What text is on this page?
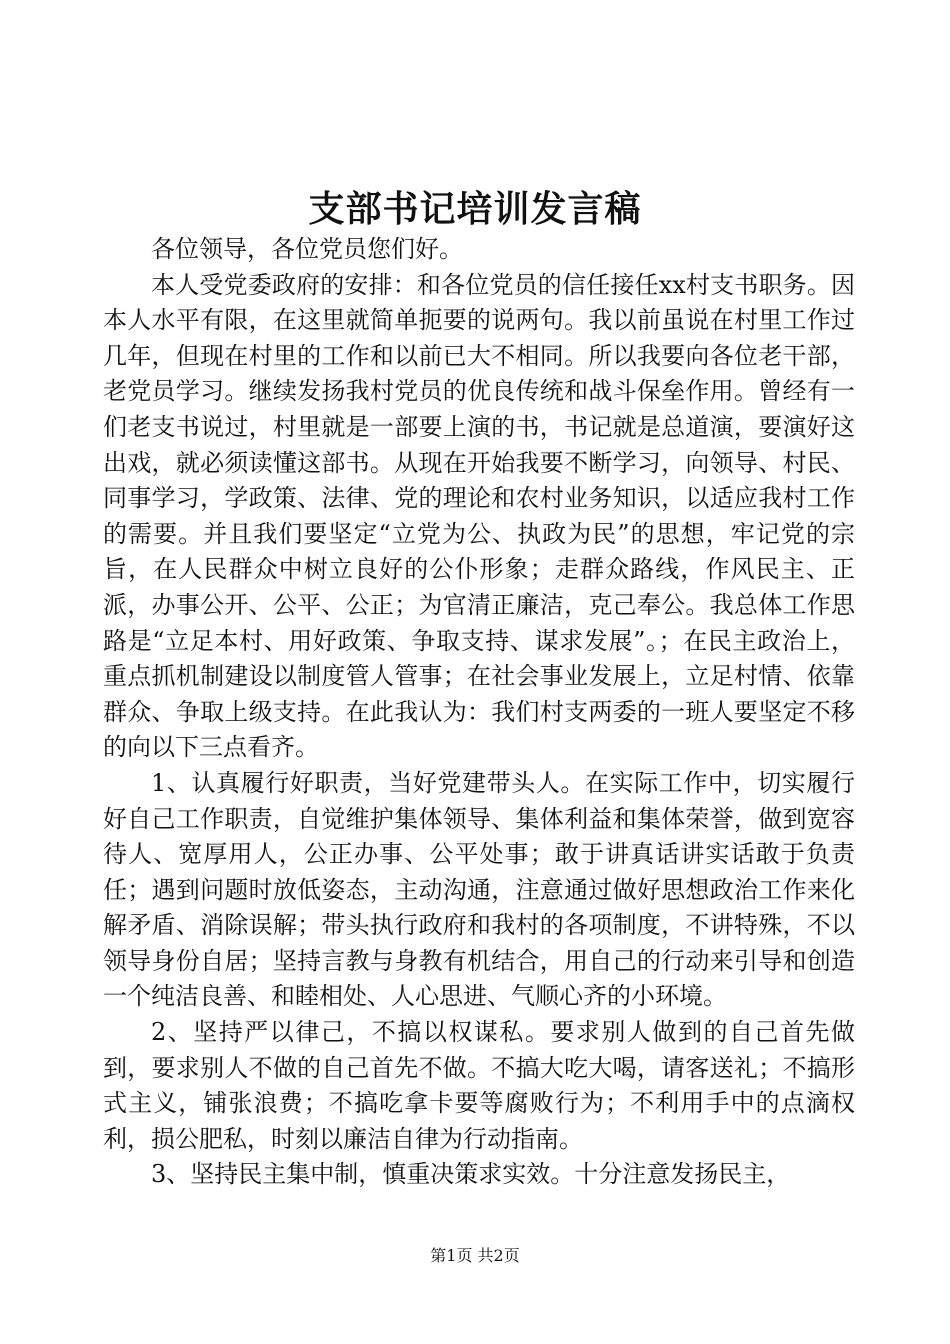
支部书记培训发言稿

各位领导，各位党员您们好。

本人受党委政府的安排：和各位党员的信任接任xx村支书职务。因本人水平有限，在这里就简单扼要的说两句。我以前虽说在村里工作过几年，但现在村里的工作和以前已大不相同。所以我要向各位老干部，老党员学习。继续发扬我村党员的优良传统和战斗保垒作用。曾经有一们老支书说过，村里就是一部要上演的书，书记就是总道演，要演好这出戏，就必须读懂这部书。从现在开始我要不断学习，向领导、村民、同事学习，学政策、法律、党的理论和农村业务知识，以适应我村工作的需要。并且我们要坚定“立党为公、执政为民”的思想，牢记党的宗旨，在人民群众中树立良好的公仆形象；走群众路线，作风民主、正派，办事公开、公平、公正；为官清正廉洁，克己奉公。我总体工作思路是“立足本村、用好政策、争取支持、谋求发展”。；在民主政治上，重点抓机制建设以制度管人管事；在社会事业发展上，立足村情、依靠群众、争取上级支持。在此我认为：我们村支两委的一班人要坚定不移的向以下三点看齐。

1、认真履行好职责，当好党建带头人。在实际工作中，切实履行好自己工作职责，自觉维护集体领导、集体利益和集体荣誉，做到宽容待人、宽厚用人，公正办事、公平处事；敢于讲真话讲实话敢于负责任；遇到问题时放低姿态，主动沟通，注意通过做好思想政治工作来化解矛盾、消除误解；带头执行政府和我村的各项制度，不讲特殊，不以领导身份自居；坚持言教与身教有机结合，用自己的行动来引导和创造一个纯洁良善、和睦相处、人心思进、气顺心齐的小环境。

2、坚持严以律己，不搞以权谋私。要求别人做到的自己首先做到，要求别人不做的自己首先不做。不搞大吃大喝，请客送礼；不搞形式主义，铺张浪费；不搞吃拿卡要等腐败行为；不利用手中的点滴权利，损公肥私，时刻以廉洁自律为行动指南。

3、坚持民主集中制，慎重决策求实效。十分注意发扬民主，

第1页 共2页
